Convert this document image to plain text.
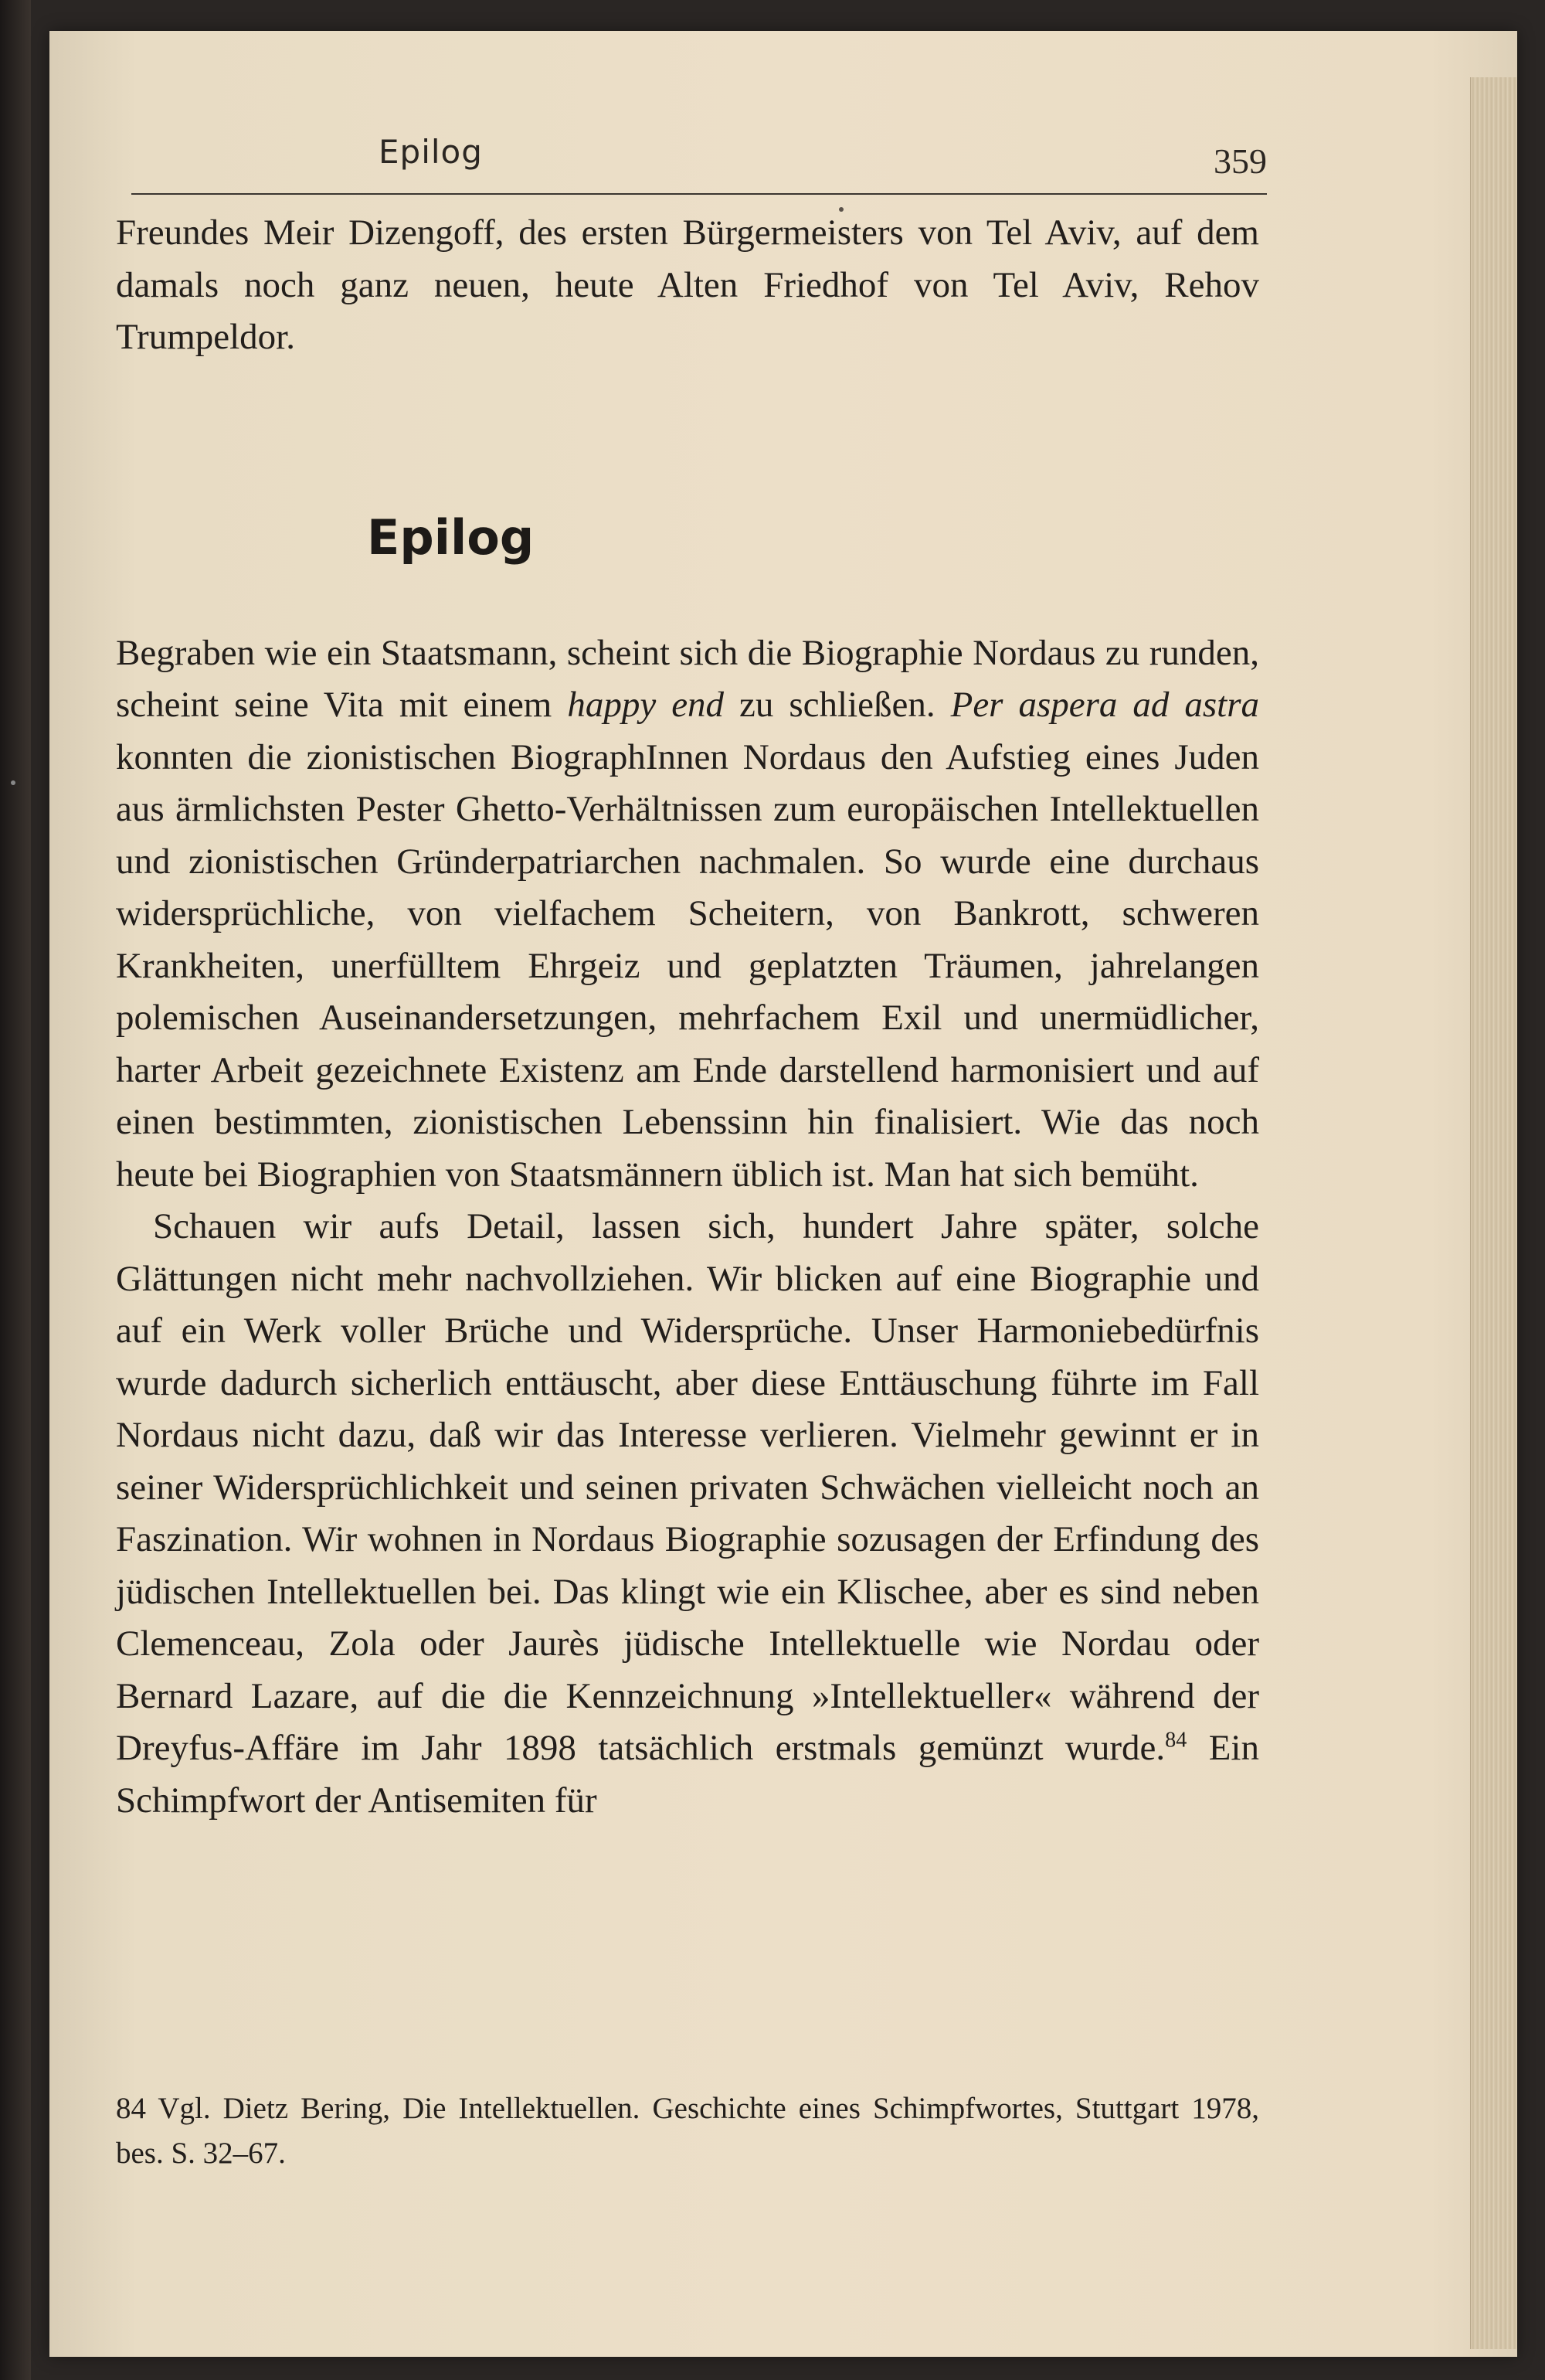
Epilog	359

Freundes Meir Dizengoff, des ersten Bürgermeisters von Tel Aviv, auf dem damals noch ganz neuen, heute Alten Friedhof von Tel Aviv, Rehov Trumpeldor.

Epilog

Begraben wie ein Staatsmann, scheint sich die Biographie Nordaus zu runden, scheint seine Vita mit einem happy end zu schließen. Per aspera ad astra konnten die zionistischen BiographInnen Nordaus den Aufstieg eines Juden aus ärmlichsten Pester Ghetto-Verhältnissen zum europäischen Intellektuellen und zionistischen Gründerpatriarchen nachmalen. So wurde eine durchaus widersprüchliche, von vielfachem Scheitern, von Bankrott, schweren Krankheiten, unerfülltem Ehrgeiz und geplatzten Träumen, jahrelangen polemischen Auseinandersetzungen, mehrfachem Exil und unermüdlicher, harter Arbeit gezeichnete Existenz am Ende darstellend harmonisiert und auf einen bestimmten, zionistischen Lebenssinn hin finalisiert. Wie das noch heute bei Biographien von Staatsmännern üblich ist. Man hat sich bemüht.

Schauen wir aufs Detail, lassen sich, hundert Jahre später, solche Glättungen nicht mehr nachvollziehen. Wir blicken auf eine Biographie und auf ein Werk voller Brüche und Widersprüche. Unser Harmoniebedürfnis wurde dadurch sicherlich enttäuscht, aber diese Enttäuschung führte im Fall Nordaus nicht dazu, daß wir das Interesse verlieren. Vielmehr gewinnt er in seiner Widersprüchlichkeit und seinen privaten Schwächen vielleicht noch an Faszination. Wir wohnen in Nordaus Biographie sozusagen der Erfindung des jüdischen Intellektuellen bei. Das klingt wie ein Klischee, aber es sind neben Clemenceau, Zola oder Jaurès jüdische Intellektuelle wie Nordau oder Bernard Lazare, auf die die Kennzeichnung »Intellektueller« während der Dreyfus-Affäre im Jahr 1898 tatsächlich erstmals gemünzt wurde.$^{84}$ Ein Schimpfwort der Antisemiten für

84 Vgl. Dietz Bering, Die Intellektuellen. Geschichte eines Schimpfwortes, Stuttgart 1978, bes. S. 32–67.
